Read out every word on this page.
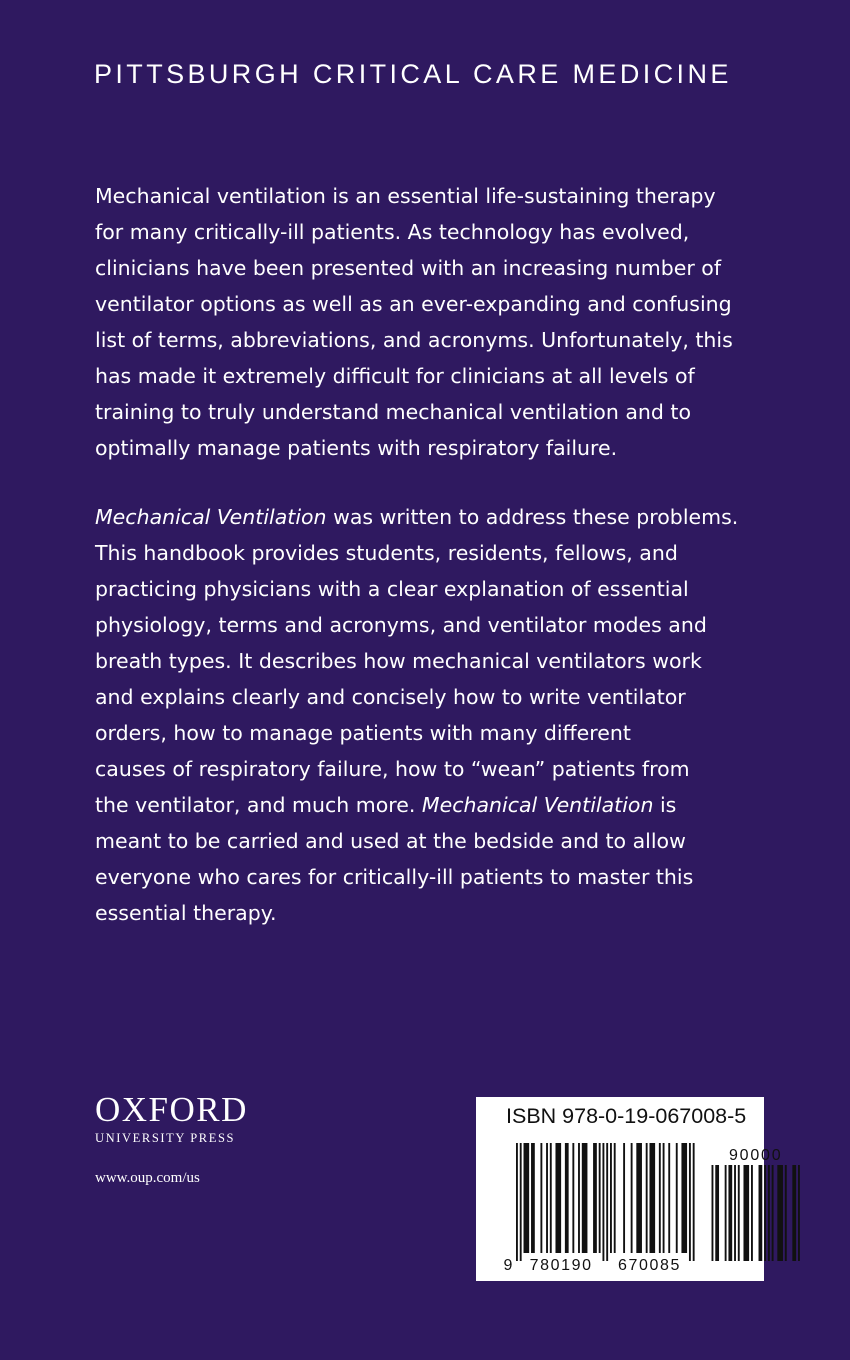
PITTSBURGH CRITICAL CARE MEDICINE

Mechanical ventilation is an essential life-sustaining therapy
for many critically-ill patients. As technology has evolved,
clinicians have been presented with an increasing number of
ventilator options as well as an ever-expanding and confusing
list of terms, abbreviations, and acronyms. Unfortunately, this
has made it extremely difficult for clinicians at all levels of
training to truly understand mechanical ventilation and to
optimally manage patients with respiratory failure.

Mechanical Ventilation was written to address these problems.
This handbook provides students, residents, fellows, and
practicing physicians with a clear explanation of essential
physiology, terms and acronyms, and ventilator modes and
breath types. It describes how mechanical ventilators work
and explains clearly and concisely how to write ventilator
orders, how to manage patients with many different
causes of respiratory failure, how to “wean” patients from
the ventilator, and much more. Mechanical Ventilation is
meant to be carried and used at the bedside and to allow
everyone who cares for critically-ill patients to master this
essential therapy.

OXFORD
UNIVERSITY PRESS
www.oup.com/us
9 780190 670085
90000
ISBN 978-0-19-067008-5
